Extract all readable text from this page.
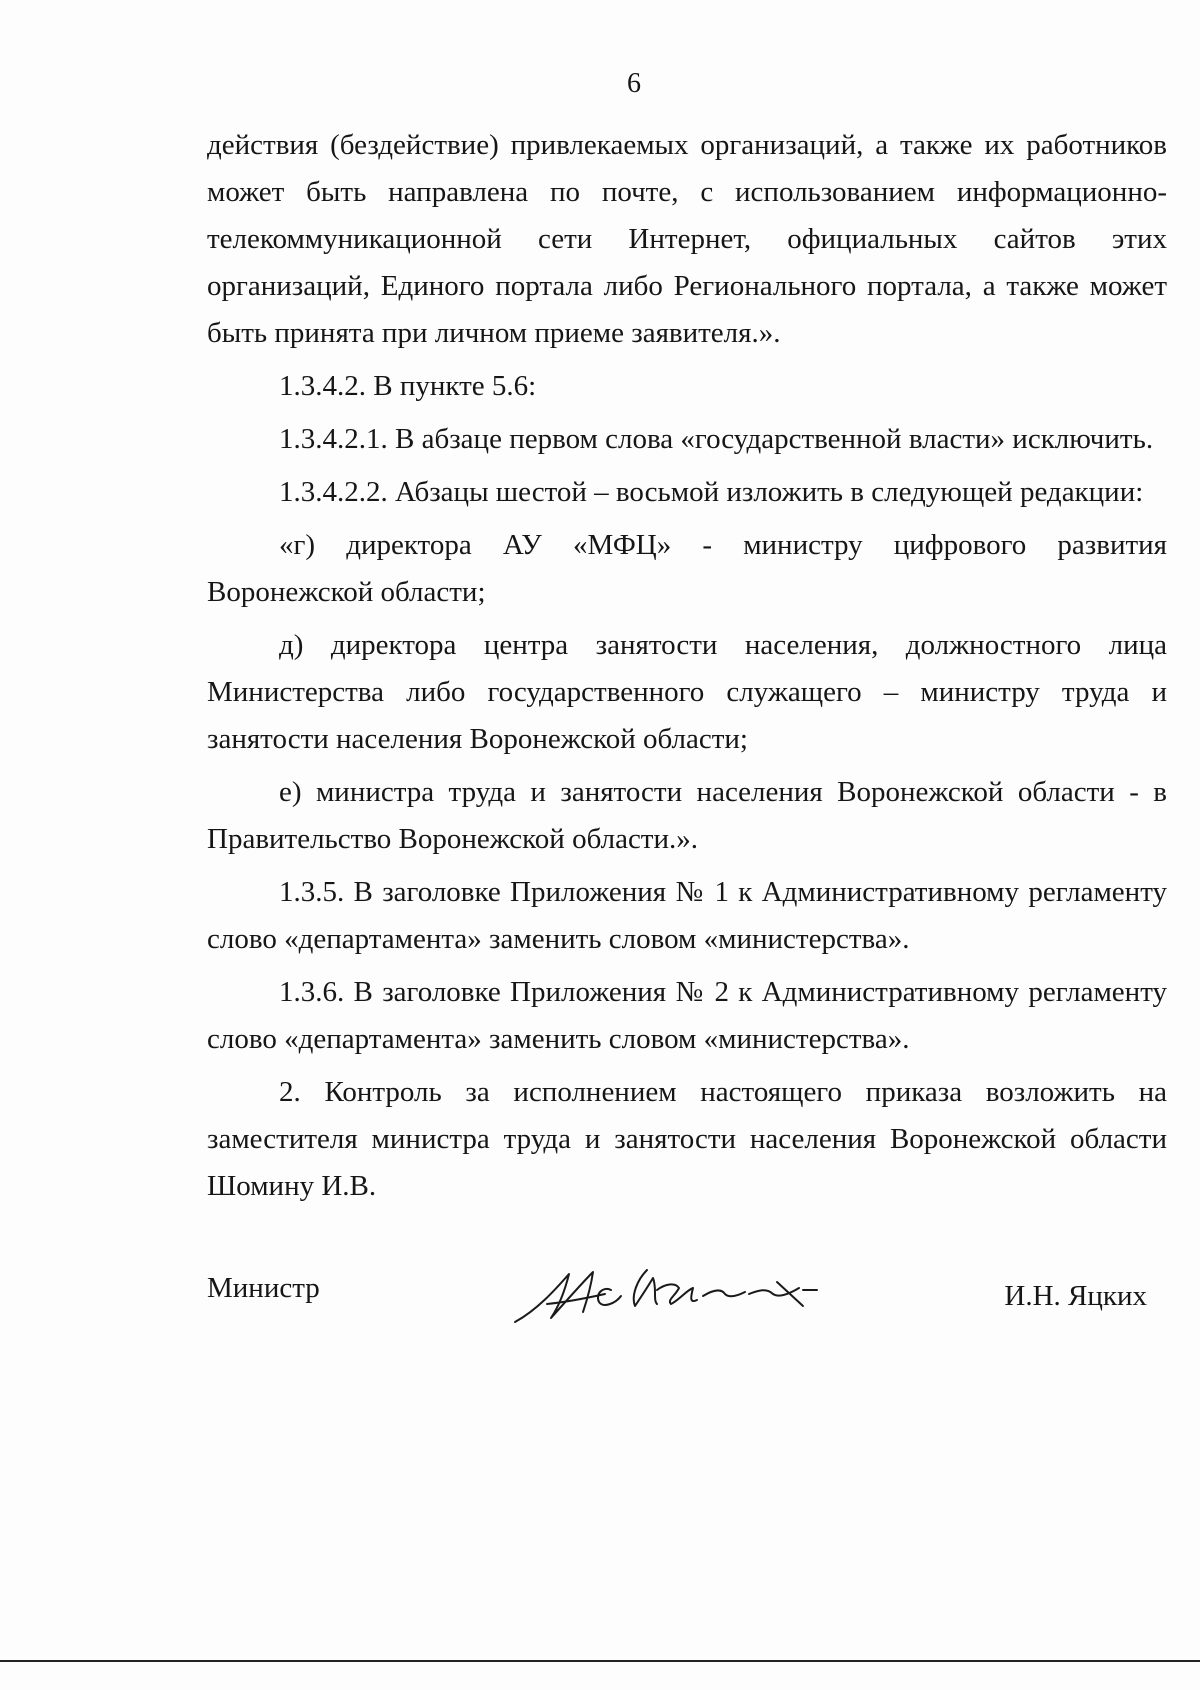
6

действия (бездействие) привлекаемых организаций, а также их работников может быть направлена по почте, с использованием информационно-телекоммуникационной сети Интернет, официальных сайтов этих организаций, Единого портала либо Регионального портала, а также может быть принята при личном приеме заявителя.».

1.3.4.2. В пункте 5.6:

1.3.4.2.1. В абзаце первом слова «государственной власти» исключить.

1.3.4.2.2. Абзацы шестой – восьмой изложить в следующей редакции:

«г) директора АУ «МФЦ» - министру цифрового развития Воронежской области;

д) директора центра занятости населения, должностного лица Министерства либо государственного служащего – министру труда и занятости населения Воронежской области;

е) министра труда и занятости населения Воронежской области - в Правительство Воронежской области.».

1.3.5. В заголовке Приложения № 1 к Административному регламенту слово «департамента» заменить словом «министерства».

1.3.6. В заголовке Приложения № 2 к Административному регламенту слово «департамента» заменить словом «министерства».

2. Контроль за исполнением настоящего приказа возложить на заместителя министра труда и занятости населения Воронежской области Шомину И.В.

Министр	И.Н. Яцких
